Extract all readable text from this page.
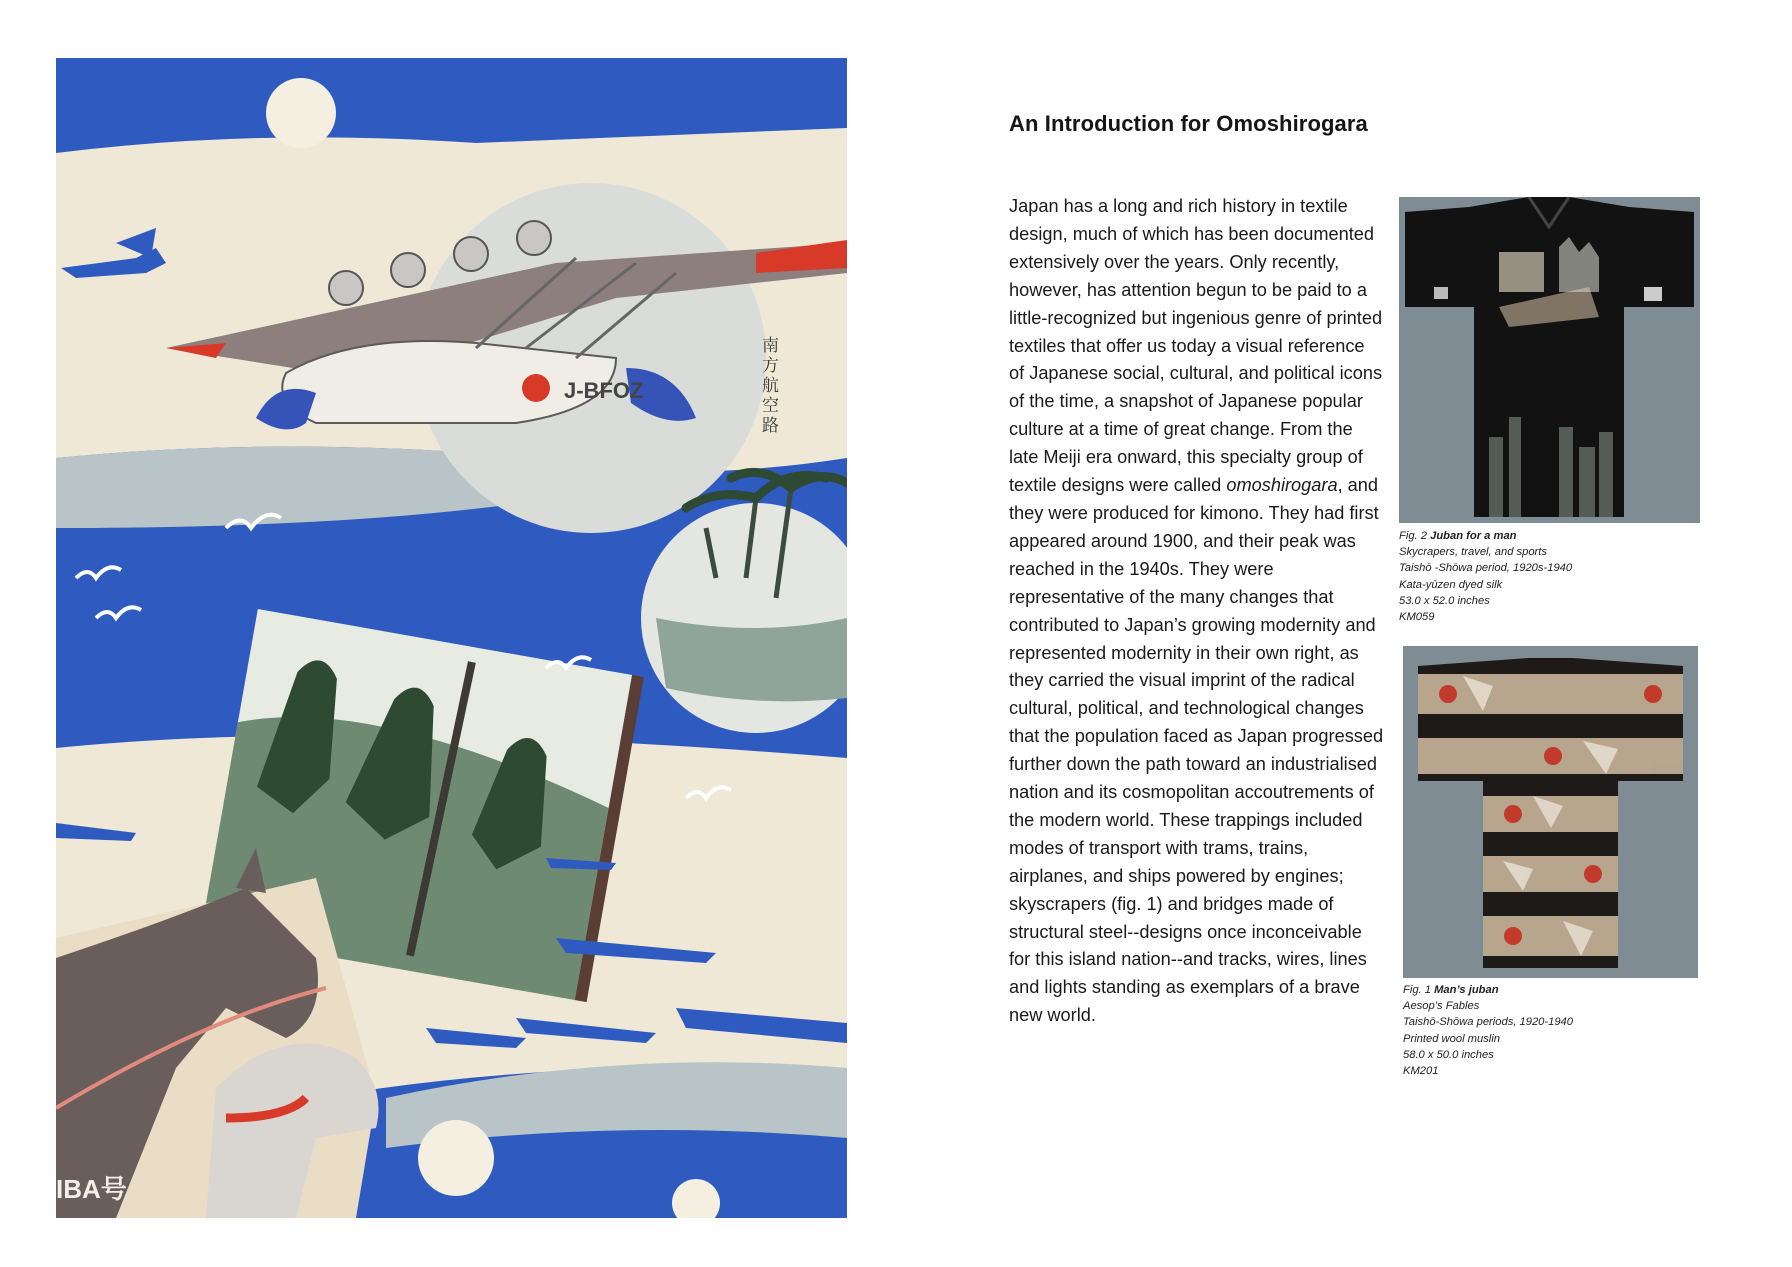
J-BFOZ
IBA号
南方航空路
An Introduction for Omoshirogara
Japan has a long and rich history in textile design, much of which has been documented extensively over the years. Only recently, however, has attention begun to be paid to a little-recognized but ingenious genre of printed textiles that offer us today a visual reference of Japanese social, cultural, and political icons of the time, a snapshot of Japanese popular culture at a time of great change. From the late Meiji era onward, this specialty group of textile designs were called omoshirogara, and they were produced for kimono. They had first appeared around 1900, and their peak was reached in the 1940s. They were representative of the many changes that contributed to Japan’s growing modernity and represented modernity in their own right, as they carried the visual imprint of the radical cultural, political, and technological changes that the population faced as Japan progressed further down the path toward an industrialised nation and its cosmopolitan accoutrements of the modern world. These trappings included modes of transport with trams, trains, airplanes, and ships powered by engines; skyscrapers (fig. 1) and bridges made of structural steel--designs once inconceivable for this island nation--and tracks, wires, lines and lights standing as exemplars of a brave new world.
Fig. 2 Juban for a man
Skycrapers, travel, and sports
Taishō -Shōwa period, 1920s-1940
Kata-yūzen dyed silk
53.0 x 52.0 inches
KM059
Fig. 1 Man’s juban
Aesop’s Fables
Taishō-Shōwa periods, 1920-1940
Printed wool muslin
58.0 x 50.0 inches
KM201
